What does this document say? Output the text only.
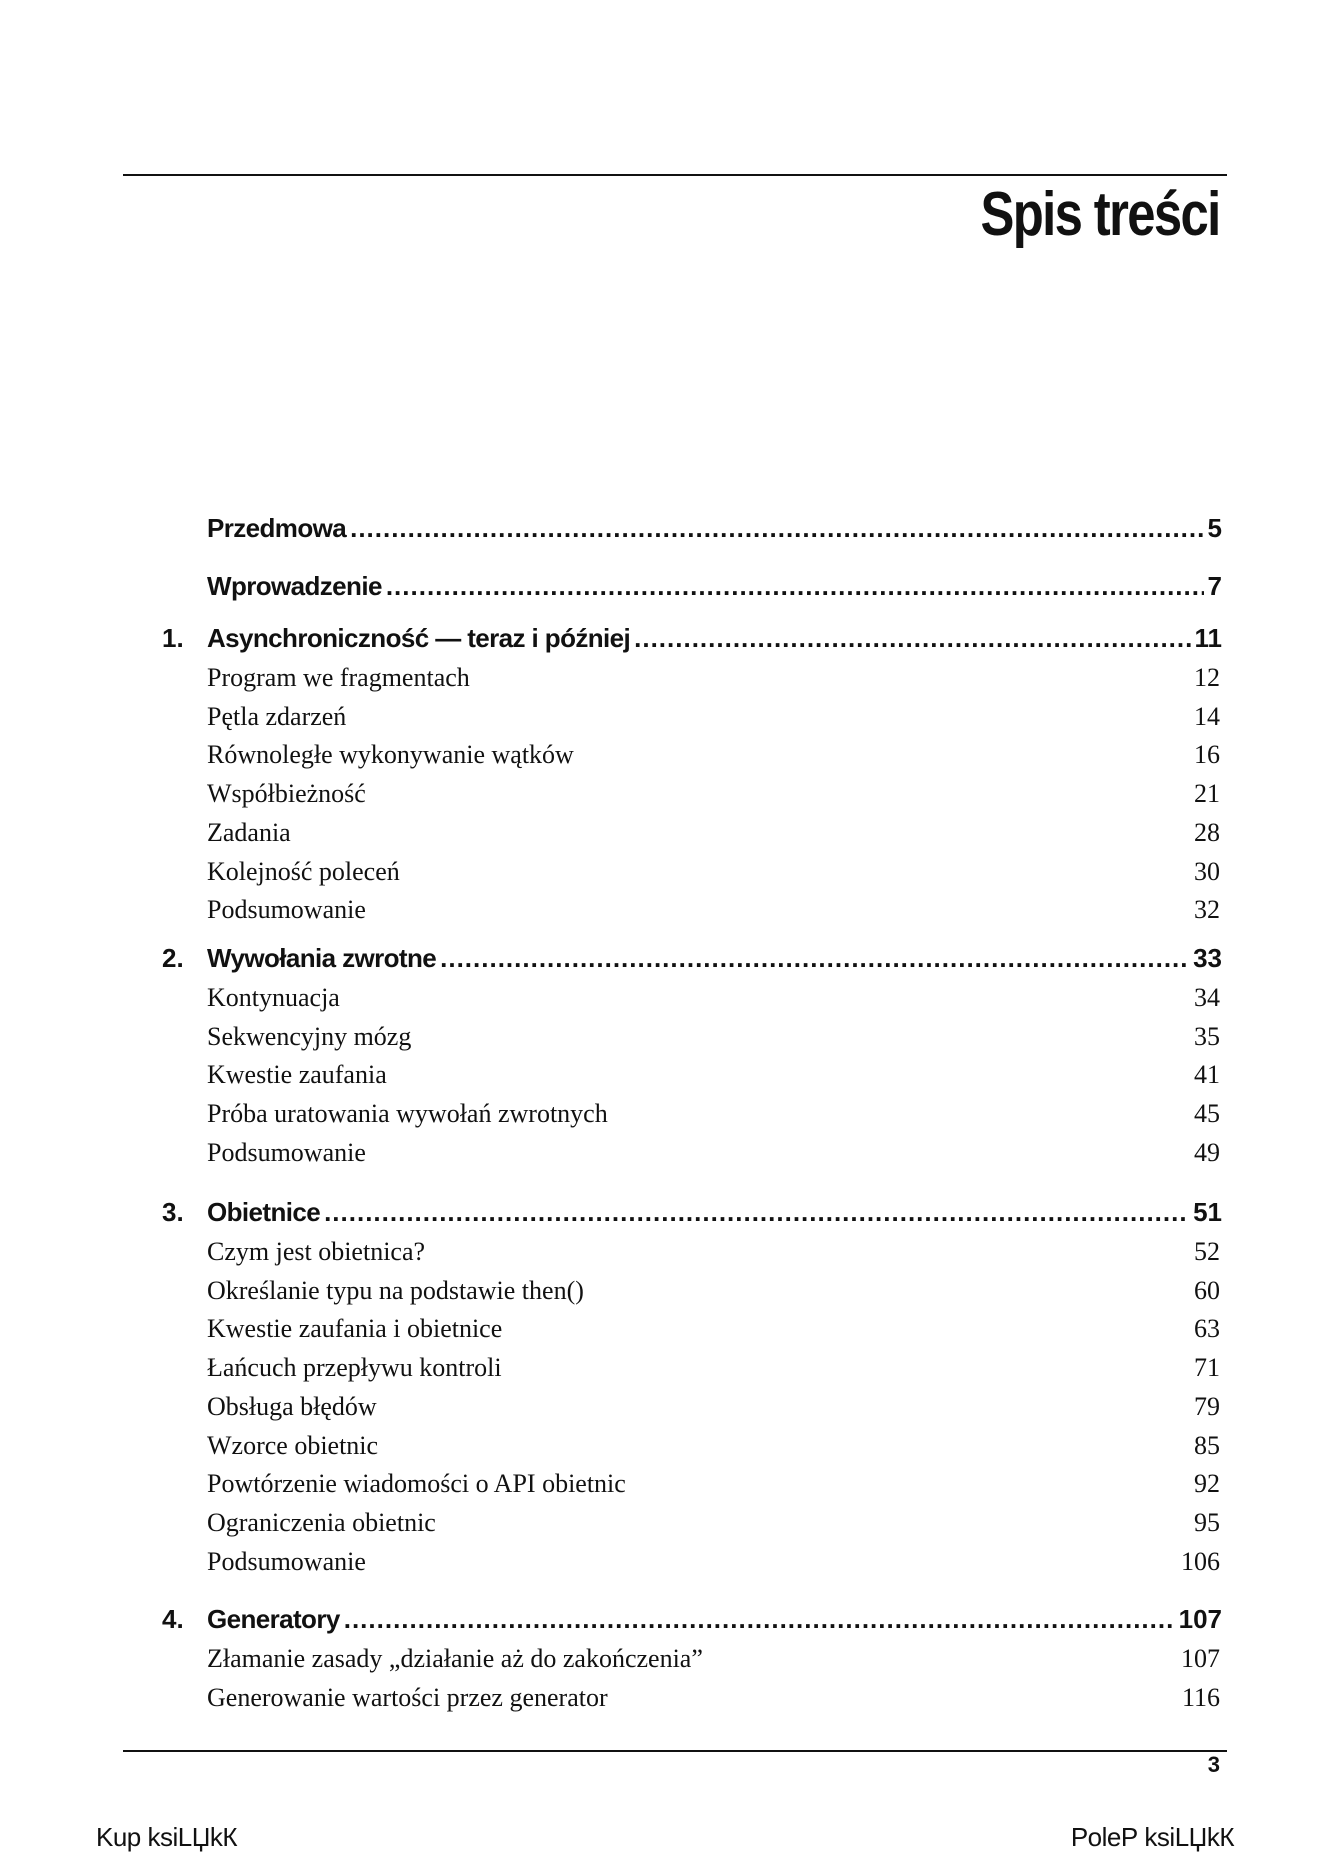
Spis treści
Przedmowa .....	5
Wprowadzenie .....	7
1. Asynchroniczność — teraz i później .....	11
Program we fragmentach	12
Pętla zdarzeń	14
Równoległe wykonywanie wątków	16
Współbieżność	21
Zadania	28
Kolejność poleceń	30
Podsumowanie	32
2. Wywołania zwrotne .....	33
Kontynuacja	34
Sekwencyjny mózg	35
Kwestie zaufania	41
Próba uratowania wywołań zwrotnych	45
Podsumowanie	49
3. Obietnice .....	51
Czym jest obietnica?	52
Określanie typu na podstawie then()	60
Kwestie zaufania i obietnice	63
Łańcuch przepływu kontroli	71
Obsługa błędów	79
Wzorce obietnic	85
Powtórzenie wiadomości o API obietnic	92
Ograniczenia obietnic	95
Podsumowanie	106
4. Generatory .....	107
Złamanie zasady „działanie aż do zakończenia”	107
Generowanie wartości przez generator	116
3
Kup ksiLЏkК	PoleР ksiLЏkК
